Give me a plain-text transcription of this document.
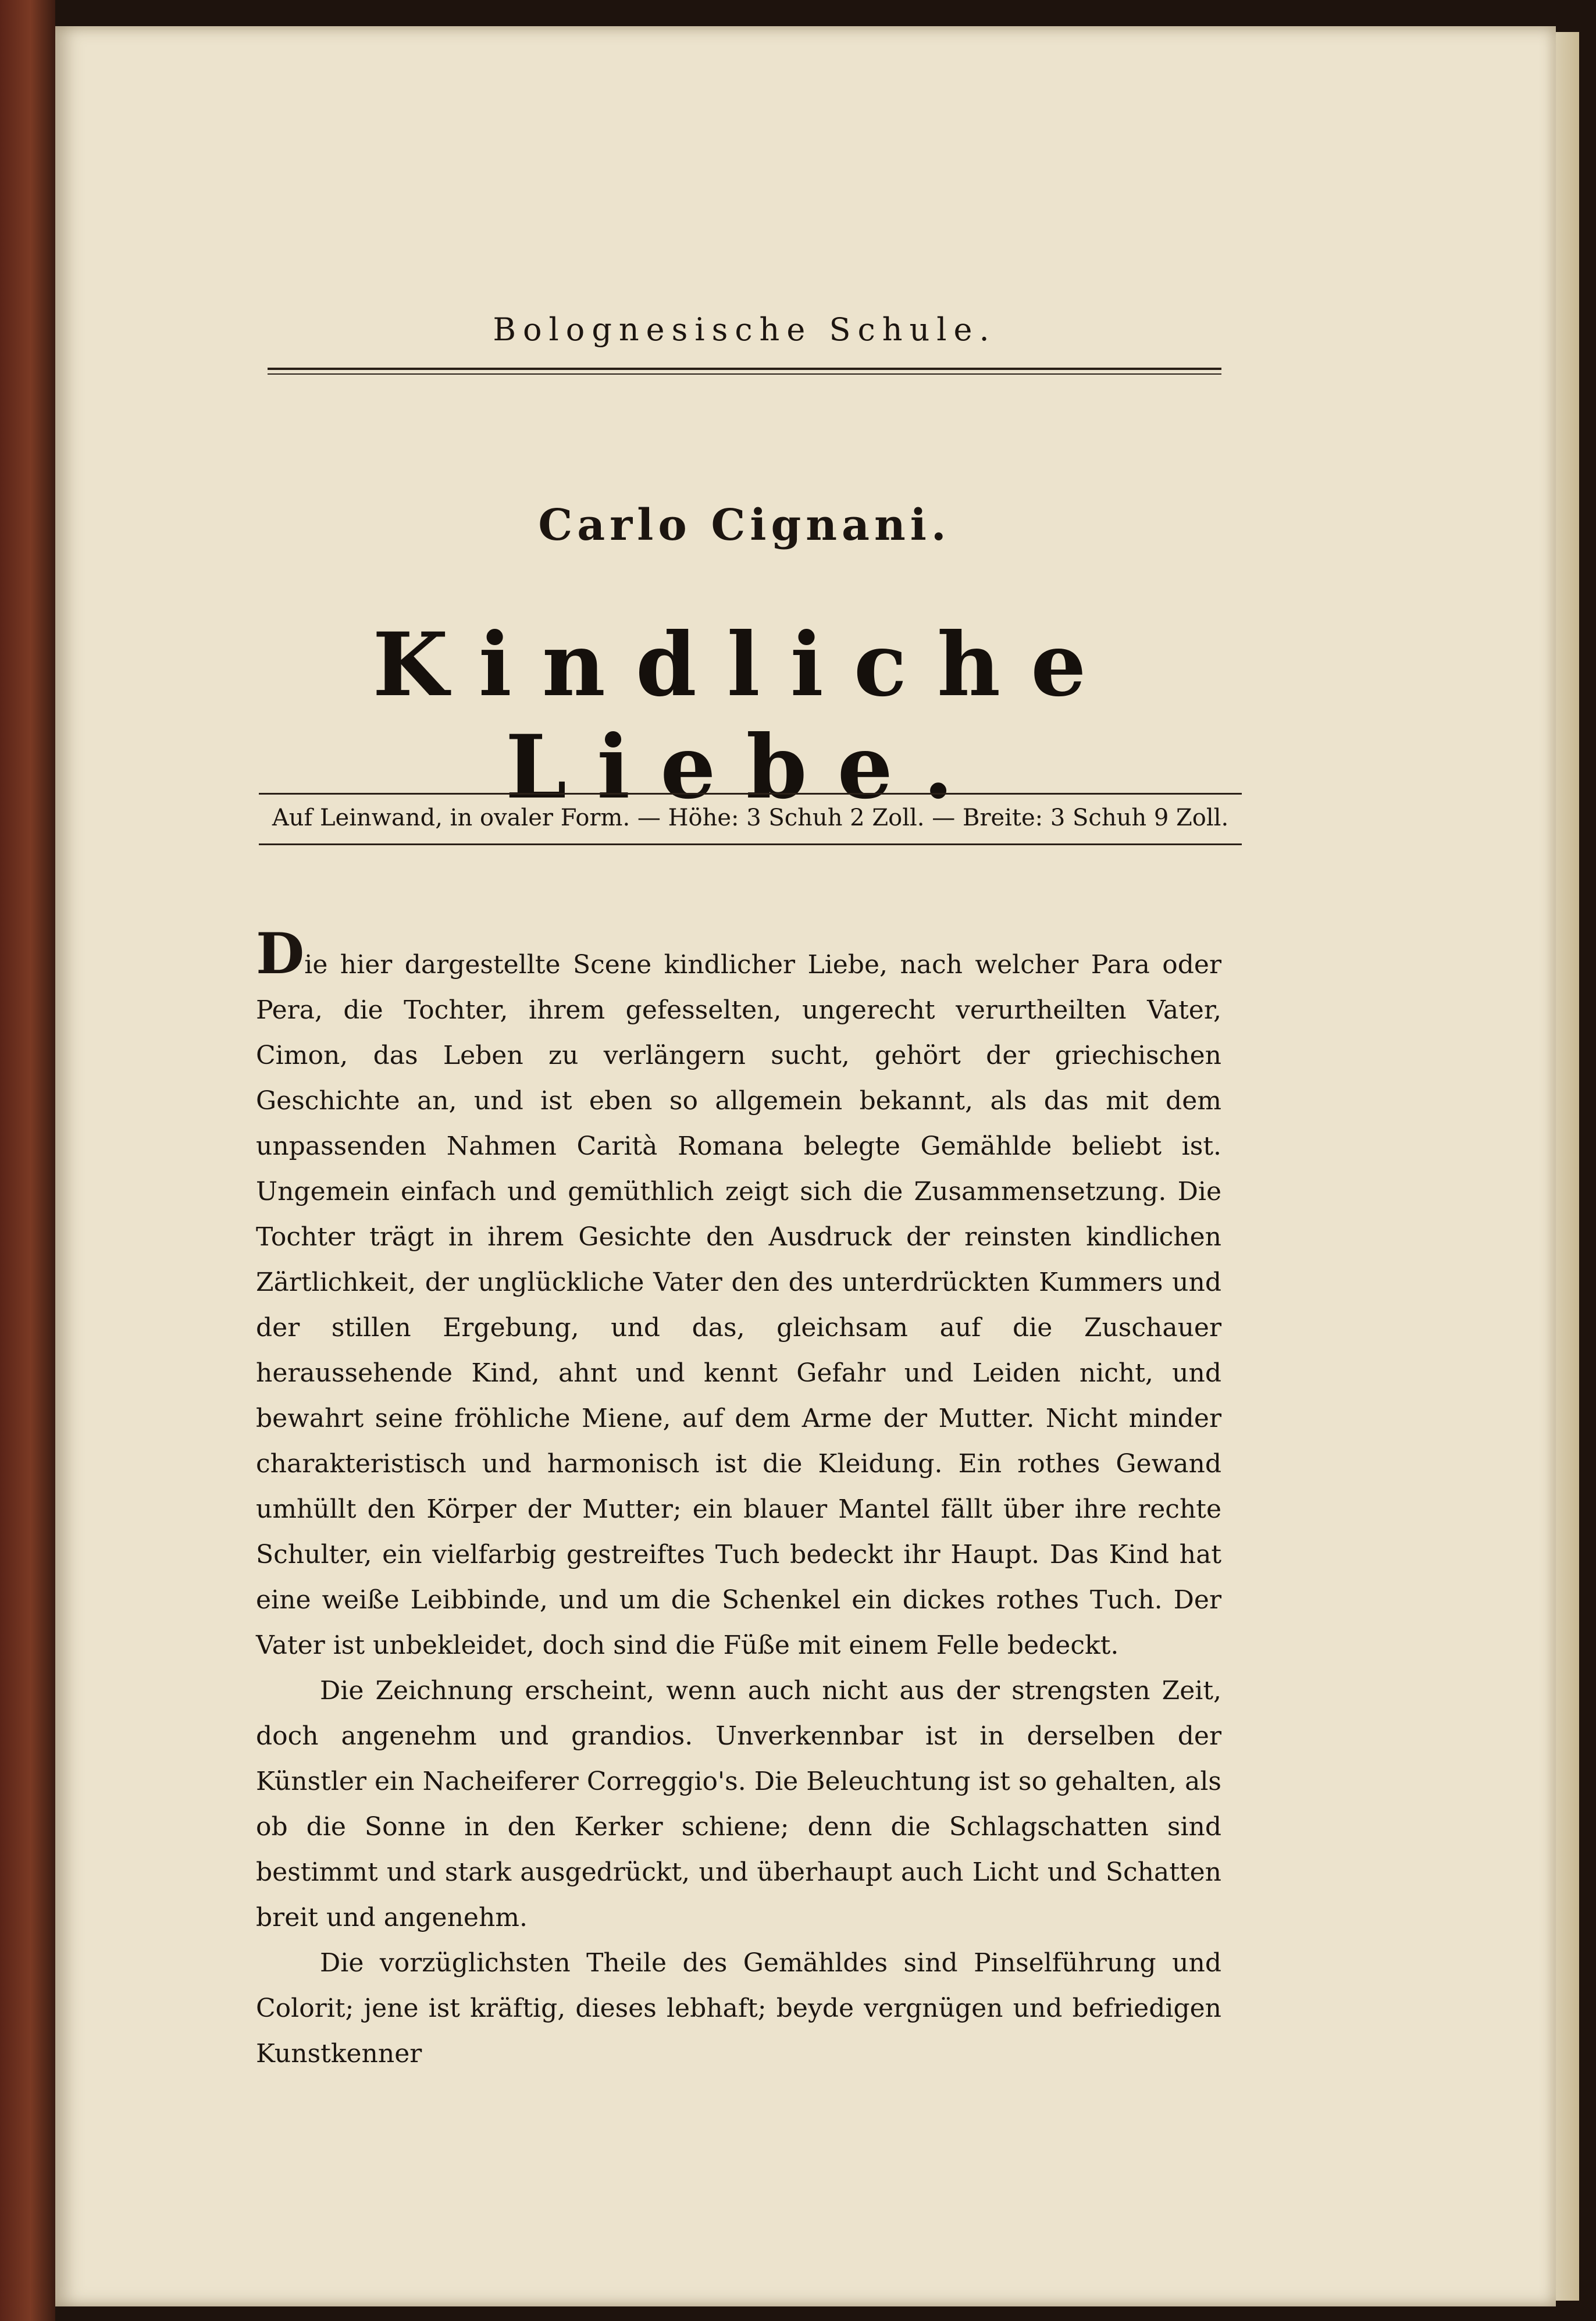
Bolognesische Schule.
Carlo Cignani.
Kindliche Liebe.
Auf Leinwand, in ovaler Form. — Höhe: 3 Schuh 2 Zoll. — Breite: 3 Schuh 9 Zoll.

Die hier dargestellte Scene kindlicher Liebe, nach welcher Para oder Pera, die Tochter, ihrem gefesselten, ungerecht verurtheilten Vater, Cimon, das Leben zu verlängern sucht, gehört der griechischen Geschichte an, und ist eben so allgemein bekannt, als das mit dem unpassenden Nahmen Carità Romana belegte Gemählde beliebt ist. Ungemein einfach und gemüthlich zeigt sich die Zusammensetzung. Die Tochter trägt in ihrem Gesichte den Ausdruck der reinsten kindlichen Zärtlichkeit, der unglückliche Vater den des unterdrückten Kummers und der stillen Ergebung, und das, gleichsam auf die Zuschauer heraussehende Kind, ahnt und kennt Gefahr und Leiden nicht, und bewahrt seine fröhliche Miene, auf dem Arme der Mutter. Nicht minder charakteristisch und harmonisch ist die Kleidung. Ein rothes Gewand umhüllt den Körper der Mutter; ein blauer Mantel fällt über ihre rechte Schulter, ein vielfarbig gestreiftes Tuch bedeckt ihr Haupt. Das Kind hat eine weiße Leibbinde, und um die Schenkel ein dickes rothes Tuch. Der Vater ist unbekleidet, doch sind die Füße mit einem Felle bedeckt.

Die Zeichnung erscheint, wenn auch nicht aus der strengsten Zeit, doch angenehm und grandios. Unverkennbar ist in derselben der Künstler ein Nacheiferer Correggio's. Die Beleuchtung ist so gehalten, als ob die Sonne in den Kerker schiene; denn die Schlagschatten sind bestimmt und stark ausgedrückt, und überhaupt auch Licht und Schatten breit und angenehm.

Die vorzüglichsten Theile des Gemähldes sind Pinselführung und Colorit; jene ist kräftig, dieses lebhaft; beyde vergnügen und befriedigen Kunstkenner
